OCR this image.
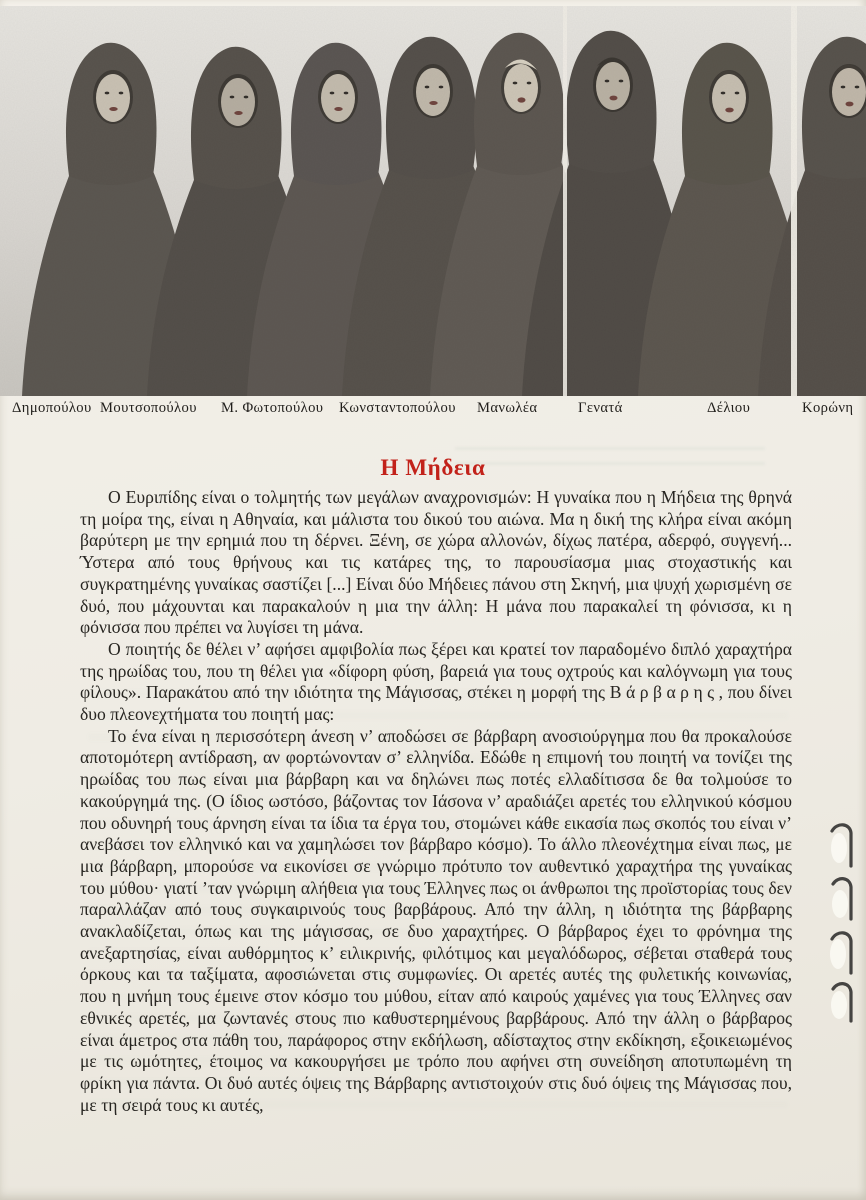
Δημοπούλου Μουτσοπούλου Μ. Φωτοπούλου Κωνσταντοπούλου Μανωλέα	Γενατά	Δέλιου	Κορώνη
Η Μήδεια

Ο Ευριπίδης είναι ο τολμητής των μεγάλων αναχρονισμών: Η γυναίκα που η Μήδεια της θρηνά τη μοίρα της, είναι η Αθηναία, και μάλιστα του δικού του αιώνα. Μα η δική της κλήρα είναι ακόμη βαρύτερη με την ερημιά που τη δέρνει. Ξένη, σε χώρα αλλονών, δίχως πατέρα, αδερφό, συγγενή... Ύστερα από τους θρήνους και τις κατάρες της, το παρουσίασμα μιας στοχαστικής και συγκρατημένης γυναίκας σαστίζει [...] Είναι δύο Μήδειες πάνου στη Σκηνή, μια ψυχή χωρισμένη σε δυό, που μάχουνται και παρακαλούν η μια την άλλη: Η μάνα που παρακαλεί τη φόνισσα, κι η φόνισσα που πρέπει να λυγίσει τη μάνα.

Ο ποιητής δε θέλει ν’ αφήσει αμφιβολία πως ξέρει και κρατεί τον παραδομένο διπλό χαραχτήρα της ηρωίδας του, που τη θέλει για «δίφορη φύση, βαρειά για τους οχτρούς και καλόγνωμη για τους φίλους». Παρακάτου από την ιδιότητα της Μάγισσας, στέκει η μορφή της Βάρβαρης, που δίνει δυο πλεονεχτήματα του ποιητή μας:

Το ένα είναι η περισσότερη άνεση ν’ αποδώσει σε βάρβαρη ανοσιούργημα που θα προκαλούσε αποτομότερη αντίδραση, αν φορτώνονταν σ’ ελληνίδα. Εδώθε η επιμονή του ποιητή να τονίζει της ηρωίδας του πως είναι μια βάρβαρη και να δηλώνει πως ποτές ελλαδίτισσα δε θα τολμούσε το κακούργημά της. (Ο ίδιος ωστόσο, βάζοντας τον Ιάσονα ν’ αραδιάζει αρετές του ελληνικού κόσμου που οδυνηρή τους άρνηση είναι τα ίδια τα έργα του, στομώνει κάθε εικασία πως σκοπός του είναι ν’ ανεβάσει τον ελληνικό και να χαμηλώσει τον βάρβαρο κόσμο). Το άλλο πλεονέχτημα είναι πως, με μια βάρβαρη, μπορούσε να εικονίσει σε γνώριμο πρότυπο τον αυθεντικό χαραχτήρα της γυναίκας του μύθου· γιατί ’ταν γνώριμη αλήθεια για τους Έλληνες πως οι άνθρωποι της προϊστορίας τους δεν παραλλάζαν από τους συγκαιρινούς τους βαρβάρους. Από την άλλη, η ιδιότητα της βάρβαρης ανακλαδίζεται, όπως και της μάγισσας, σε δυο χαραχτήρες. Ο βάρβαρος έχει το φρόνημα της ανεξαρτησίας, είναι αυθόρμητος κ’ ειλικρινής, φιλότιμος και μεγαλόδωρος, σέβεται σταθερά τους όρκους και τα ταξίματα, αφοσιώνεται στις συμφωνίες. Οι αρετές αυτές της φυλετικής κοινωνίας, που η μνήμη τους έμεινε στον κόσμο του μύθου, είταν από καιρούς χαμένες για τους Έλληνες σαν εθνικές αρετές, μα ζωντανές στους πιο καθυστερημένους βαρβάρους. Από την άλλη ο βάρβαρος είναι άμετρος στα πάθη του, παράφορος στην εκδήλωση, αδίσταχτος στην εκδίκηση, εξοικειωμένος με τις ωμότητες, έτοιμος να κακουργήσει με τρόπο που αφήνει στη συνείδηση αποτυπωμένη τη φρίκη για πάντα. Οι δυό αυτές όψεις της Βάρβαρης αντιστοιχούν στις δυό όψεις της Μάγισσας που, με τη σειρά τους κι αυτές,
